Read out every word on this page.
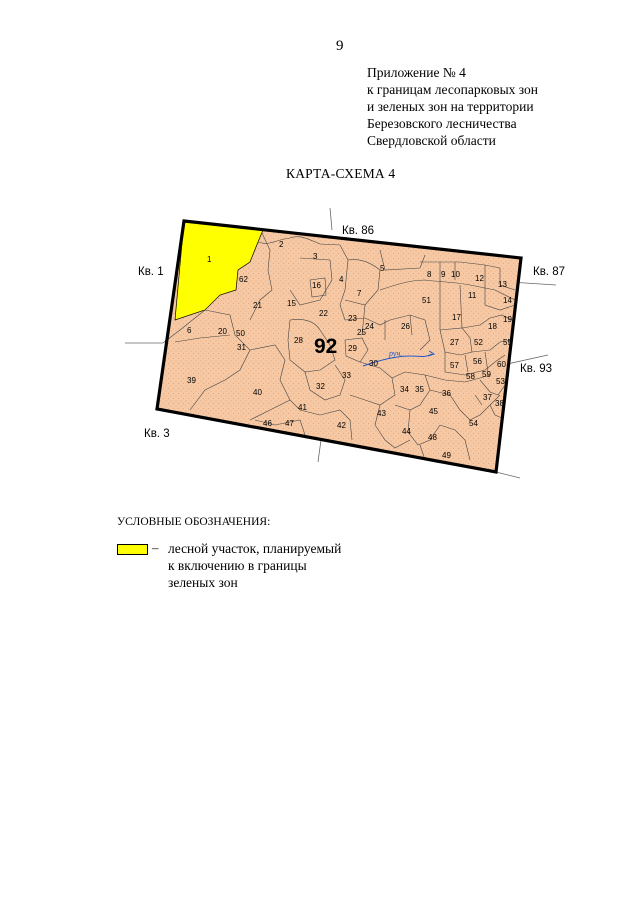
9
Приложение № 4
к границам лесопарковых зон
и зеленых зон на территории
Березовского лесничества
Свердловской области
КАРТА-СХЕМА 4
руч.
92
Кв. 86
Кв. 1	Кв. 87
Кв. 93
Кв. 3
1
2
3
4
5
6
7
8 9 10
11
12
13
14
15
16
17
18
19
20
21
22
23
24
25
26
27
28
29
30
31
32
33
34 35 36	37
38
39
40
41
42
43
44
45
46 47
48
49
50
51
52
53
54
55
56
57
58 59
60
62
УСЛОВНЫЕ ОБОЗНАЧЕНИЯ:
– лесной участок, планируемый
к включению в границы
зеленых зон
